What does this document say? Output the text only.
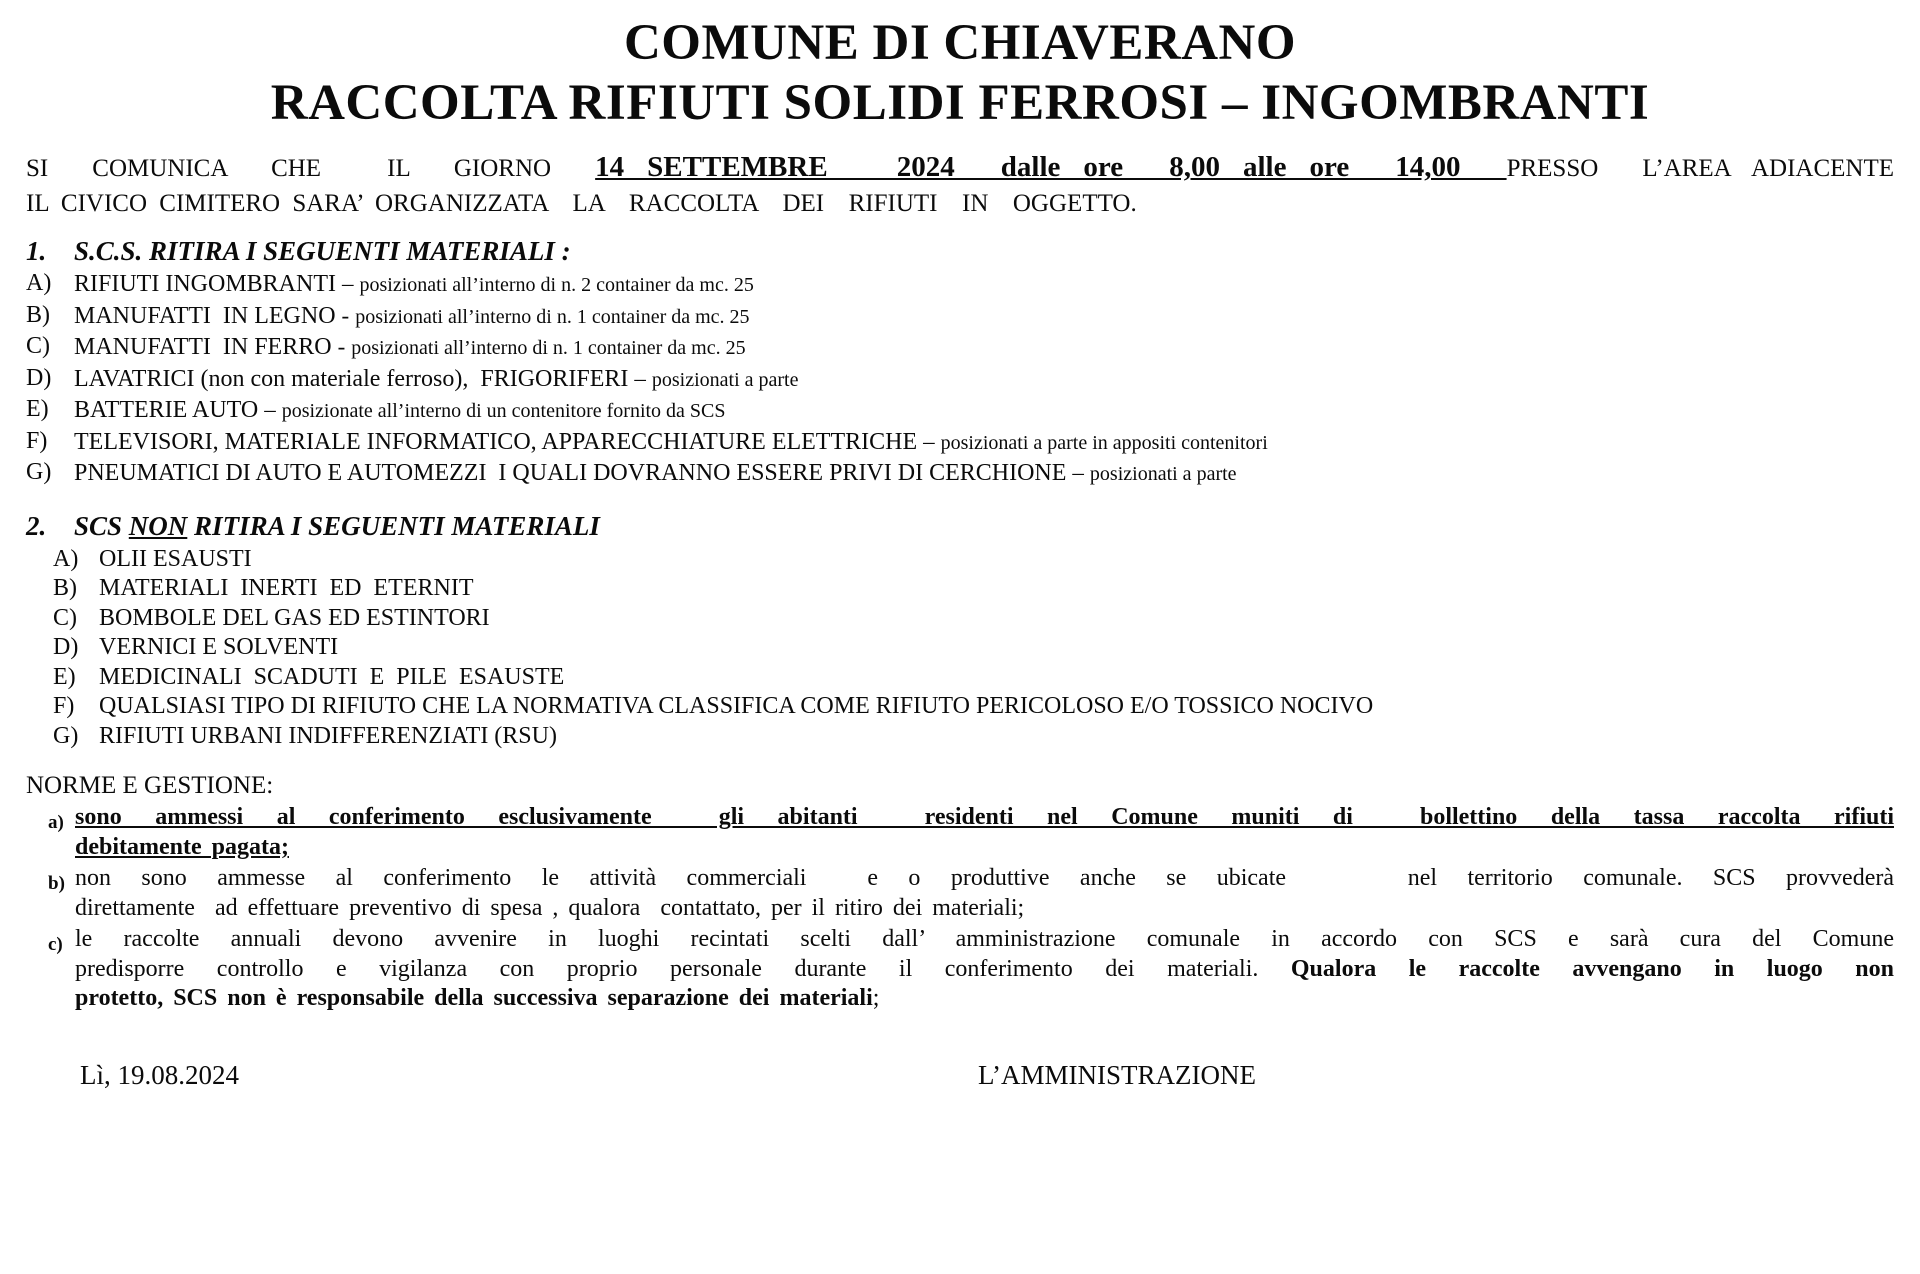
COMUNE DI CHIAVERANO
RACCOLTA RIFIUTI SOLIDI FERROSI – INGOMBRANTI
SI  COMUNICA  CHE   IL  GIORNO  14 SETTEMBRE   2024  dalle ore  8,00 alle ore  14,00  PRESSO  L’AREA ADIACENTE
IL CIVICO CIMITERO SARA’ ORGANIZZATA  LA  RACCOLTA  DEI  RIFIUTI  IN  OGGETTO.
1.	S.C.S. RITIRA I SEGUENTI MATERIALI :
A) RIFIUTI INGOMBRANTI – posizionati all’interno di n. 2 container da mc. 25
B)	MANUFATTI  IN LEGNO - posizionati all’interno di n. 1 container da mc. 25
C)	MANUFATTI  IN FERRO - posizionati all’interno di n. 1 container da mc. 25
D) LAVATRICI (non con materiale ferroso),  FRIGORIFERI – posizionati a parte
E)	BATTERIE AUTO – posizionate all’interno di un contenitore fornito da SCS
F)	TELEVISORI, MATERIALE INFORMATICO, APPARECCHIATURE ELETTRICHE – posizionati a parte in appositi contenitori
G) PNEUMATICI DI AUTO E AUTOMEZZI  I QUALI DOVRANNO ESSERE PRIVI DI CERCHIONE – posizionati a parte
2.	SCS NON RITIRA I SEGUENTI MATERIALI
A) OLII ESAUSTI
B) MATERIALI  INERTI  ED  ETERNIT
C) BOMBOLE DEL GAS ED ESTINTORI
D) VERNICI E SOLVENTI
E) MEDICINALI  SCADUTI  E  PILE  ESAUSTE
F)	QUALSIASI TIPO DI RIFIUTO CHE LA NORMATIVA CLASSIFICA COME RIFIUTO PERICOLOSO E/O TOSSICO NOCIVO
G) RIFIUTI URBANI INDIFFERENZIATI (RSU)
NORME E GESTIONE:
a) sono ammessi al conferimento esclusivamente  gli abitanti  residenti nel Comune muniti di  bollettino della tassa raccolta rifiuti
debitamente pagata;
b) non sono ammesse al conferimento le attività commerciali  e o produttive anche se ubicate    nel territorio comunale. SCS provvederà
direttamente  ad effettuare preventivo di spesa , qualora  contattato, per il ritiro dei materiali;
c) le raccolte annuali devono avvenire in luoghi recintati scelti dall’ amministrazione comunale in accordo con SCS e sarà cura del Comune
predisporre controllo e vigilanza con proprio personale durante il conferimento dei materiali. Qualora le raccolte avvengano in luogo non
protetto, SCS non è responsabile della successiva separazione dei materiali;
Lì, 19.08.2024	L’AMMINISTRAZIONE
